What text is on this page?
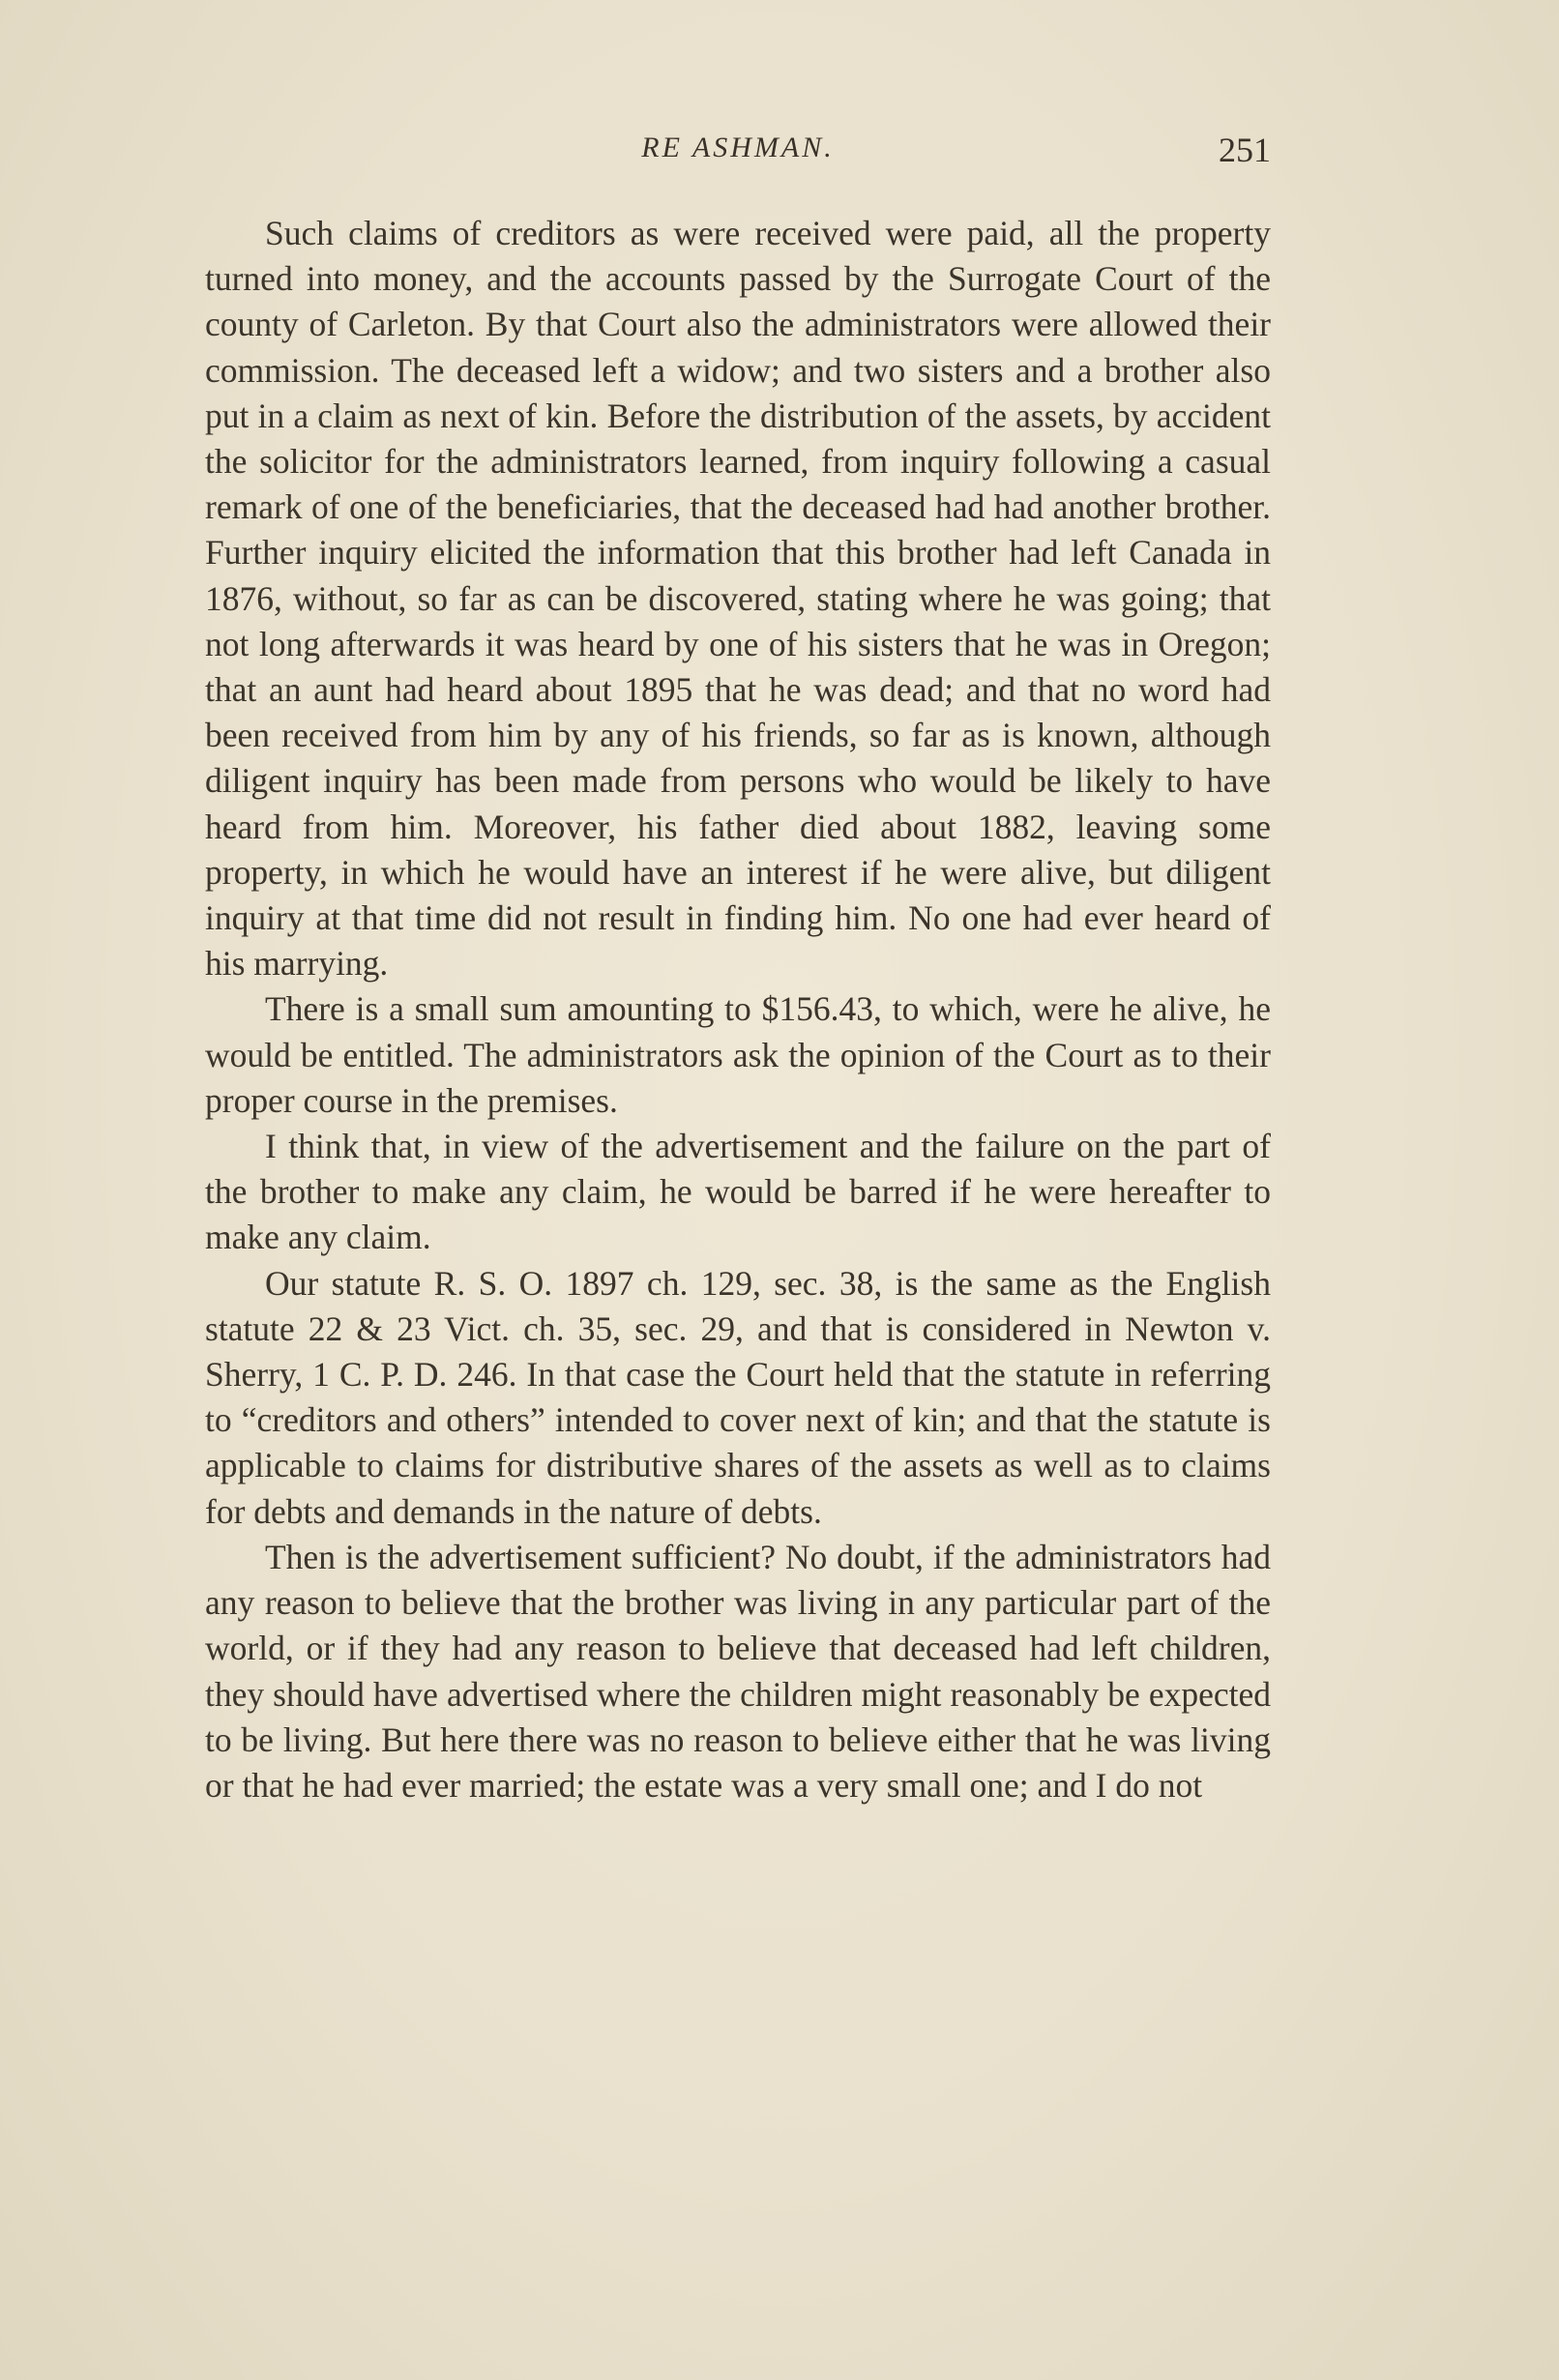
RE ASHMAN.	251

Such claims of creditors as were received were paid, all the property turned into money, and the accounts passed by the Surrogate Court of the county of Carleton. By that Court also the administrators were allowed their commission. The deceased left a widow; and two sisters and a brother also put in a claim as next of kin. Before the distribution of the assets, by accident the solicitor for the administrators learned, from inquiry following a casual remark of one of the beneficiaries, that the deceased had had another brother. Further inquiry elicited the information that this brother had left Canada in 1876, without, so far as can be discovered, stating where he was going; that not long afterwards it was heard by one of his sisters that he was in Oregon; that an aunt had heard about 1895 that he was dead; and that no word had been received from him by any of his friends, so far as is known, although diligent inquiry has been made from persons who would be likely to have heard from him. Moreover, his father died about 1882, leaving some property, in which he would have an interest if he were alive, but diligent inquiry at that time did not result in finding him. No one had ever heard of his marrying.

There is a small sum amounting to $156.43, to which, were he alive, he would be entitled. The administrators ask the opinion of the Court as to their proper course in the premises.

I think that, in view of the advertisement and the failure on the part of the brother to make any claim, he would be barred if he were hereafter to make any claim.

Our statute R. S. O. 1897 ch. 129, sec. 38, is the same as the English statute 22 & 23 Vict. ch. 35, sec. 29, and that is considered in Newton v. Sherry, 1 C. P. D. 246. In that case the Court held that the statute in referring to “creditors and others” intended to cover next of kin; and that the statute is applicable to claims for distributive shares of the assets as well as to claims for debts and demands in the nature of debts.

Then is the advertisement sufficient? No doubt, if the administrators had any reason to believe that the brother was living in any particular part of the world, or if they had any reason to believe that deceased had left children, they should have advertised where the children might reasonably be expected to be living. But here there was no reason to believe either that he was living or that he had ever married; the estate was a very small one; and I do not
